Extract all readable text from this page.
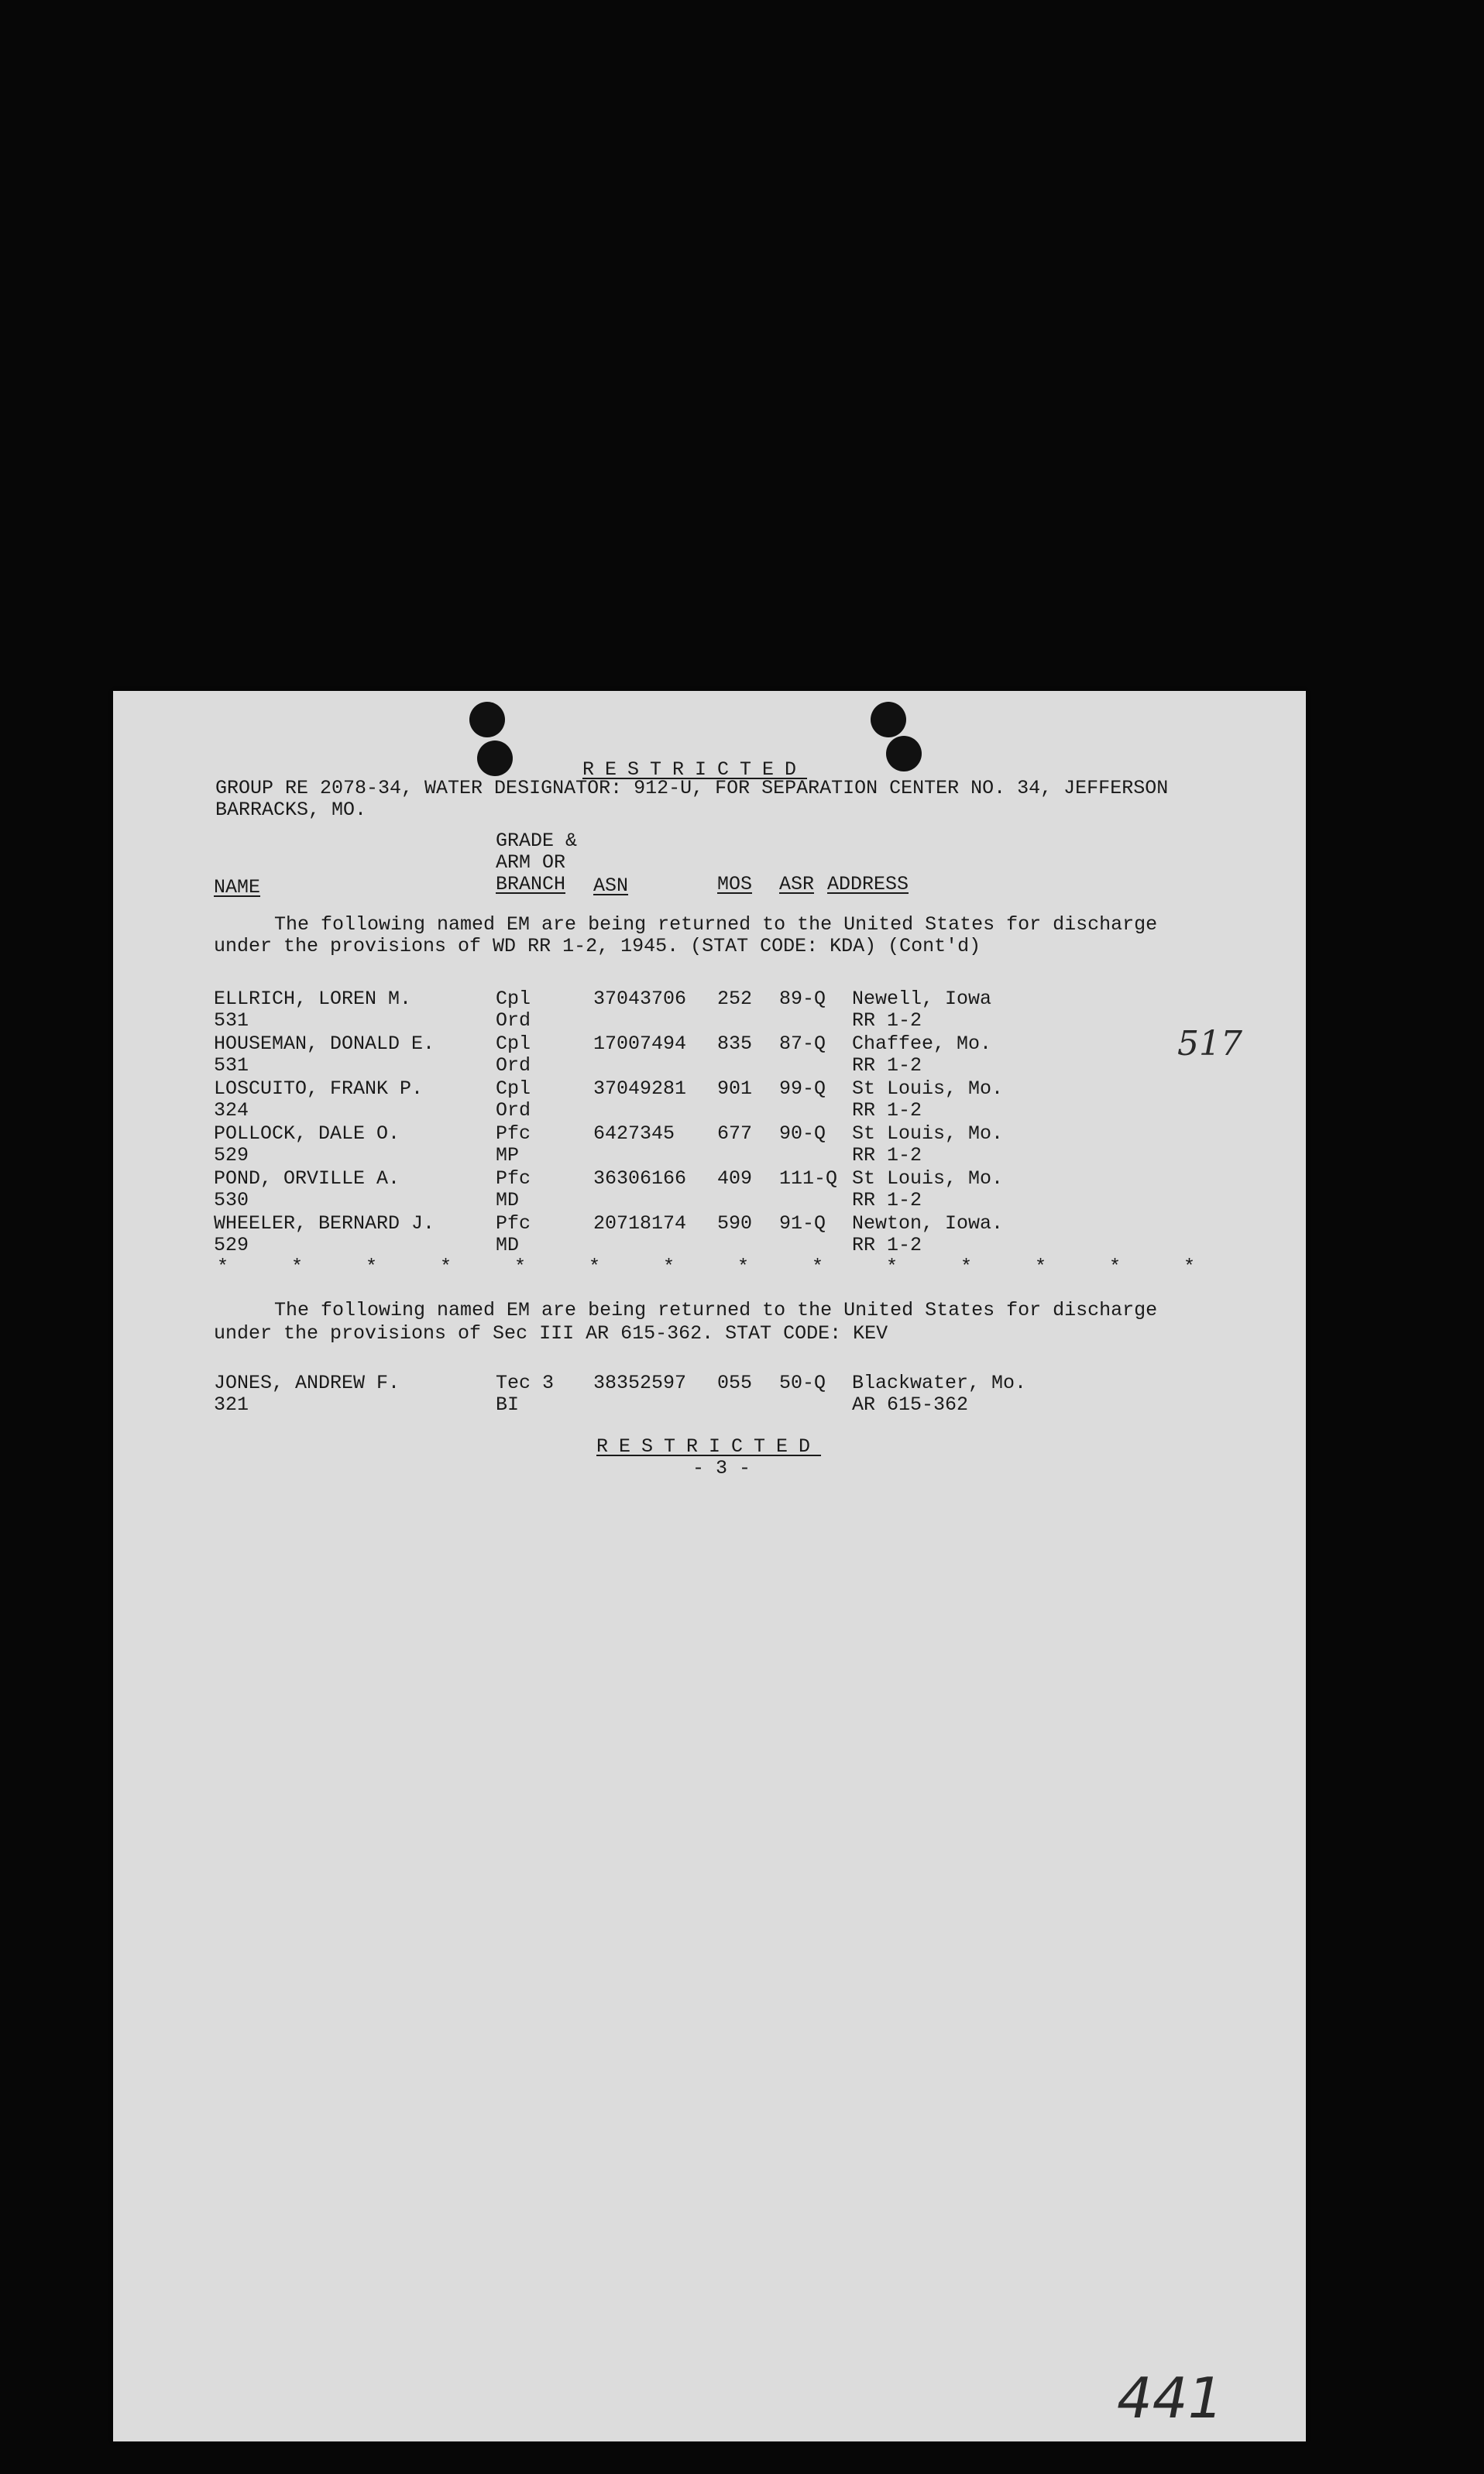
RESTRICTED
GROUP RE 2078-34, WATER DESIGNATOR: 912-U, FOR SEPARATION CENTER NO. 34, JEFFERSON
BARRACKS, MO.
GRADE &
ARM OR
BRANCH
NAME	ASN	MOS ASR ADDRESS
The following named EM are being returned to the United States for discharge
under the provisions of WD RR 1-2, 1945. (STAT CODE: KDA) (Cont'd)
ELLRICH, LOREN M.	Cpl	37043706 252 89-Q Newell, Iowa
531	Ord	RR 1-2
HOUSEMAN, DONALD E.	Cpl	17007494 835 87-Q Chaffee, Mo.
531	Ord	RR 1-2
LOSCUITO, FRANK P.	Cpl	37049281 901 99-Q St Louis, Mo.
324	Ord	RR 1-2
POLLOCK, DALE O.	Pfc	6427345 677 90-Q St Louis, Mo.
529	MP	RR 1-2
POND, ORVILLE A.	Pfc	36306166 409 111-Q St Louis, Mo.
530	MD	RR 1-2
WHEELER, BERNARD J.	Pfc	20718174 590 91-Q Newton, Iowa.
529	MD	RR 1-2
*	*	*	*	*	*	*	*	*	*	*	*	*	*
The following named EM are being returned to the United States for discharge
under the provisions of Sec III AR 615-362. STAT CODE: KEV
JONES, ANDREW F.	Tec 3 38352597 055 50-Q Blackwater, Mo.
321	BI	AR 615-362
RESTRICTED
- 3 -
517
441
